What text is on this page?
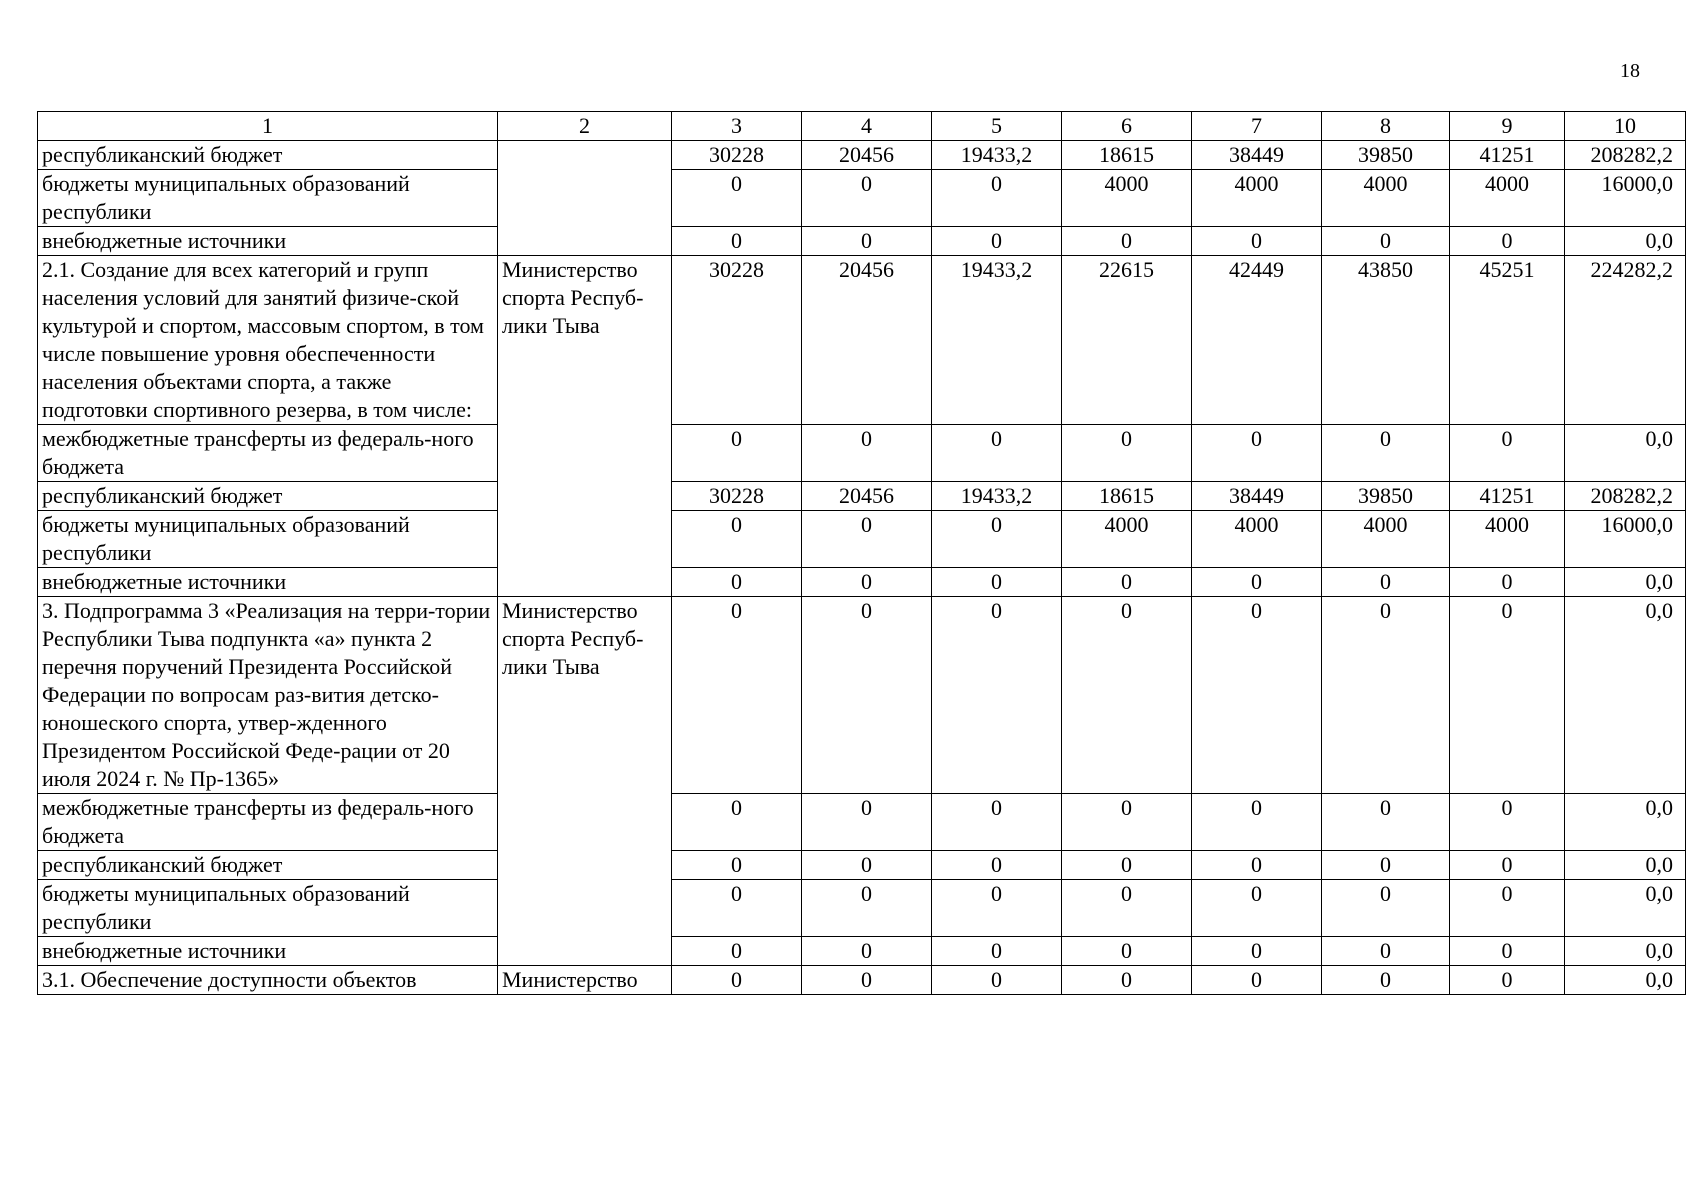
18
1	2	3	4	5	6	7	8	9	10
республиканский бюджет		30228	20456	19433,2	18615	38449	39850	41251	208282,2
бюджеты муниципальных образований республики		0	0	0	4000	4000	4000	4000	16000,0
внебюджетные источники		0	0	0	0	0	0	0	0,0
2.1. Создание для всех категорий и групп населения условий для занятий физиче-ской культурой и спортом, массовым спортом, в том числе повышение уровня обеспеченности населения объектами спорта, а также подготовки спортивного резерва, в том числе:	Министерство спорта Респуб-лики Тыва	30228	20456	19433,2	22615	42449	43850	45251	224282,2
межбюджетные трансферты из федераль-ного бюджета		0	0	0	0	0	0	0	0,0
республиканский бюджет		30228	20456	19433,2	18615	38449	39850	41251	208282,2
бюджеты муниципальных образований республики		0	0	0	4000	4000	4000	4000	16000,0
внебюджетные источники		0	0	0	0	0	0	0	0,0
3. Подпрограмма 3 «Реализация на терри-тории Республики Тыва подпункта «а» пункта 2 перечня поручений Президента Российской Федерации по вопросам раз-вития детско-юношеского спорта, утвер-жденного Президентом Российской Феде-рации от 20 июля 2024 г. № Пр-1365»	Министерство спорта Респуб-лики Тыва	0	0	0	0	0	0	0	0,0
межбюджетные трансферты из федераль-ного бюджета		0	0	0	0	0	0	0	0,0
республиканский бюджет		0	0	0	0	0	0	0	0,0
бюджеты муниципальных образований республики		0	0	0	0	0	0	0	0,0
внебюджетные источники		0	0	0	0	0	0	0	0,0
3.1. Обеспечение доступности объектов	Министерство	0	0	0	0	0	0	0	0,0
